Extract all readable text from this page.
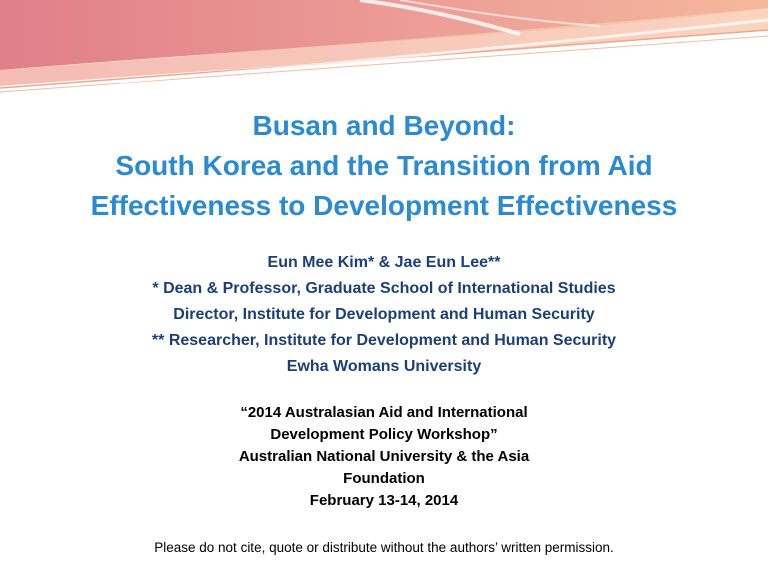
Busan and Beyond:
South Korea and the Transition from Aid
Effectiveness to Development Effectiveness
Eun Mee Kim* & Jae Eun Lee**
* Dean & Professor, Graduate School of International Studies
Director, Institute for Development and Human Security
** Researcher, Institute for Development and Human Security
Ewha Womans University
“2014 Australasian Aid and International
Development Policy Workshop”
Australian National University & the Asia
Foundation
February 13-14, 2014
Please do not cite, quote or distribute without the authors’ written permission.
